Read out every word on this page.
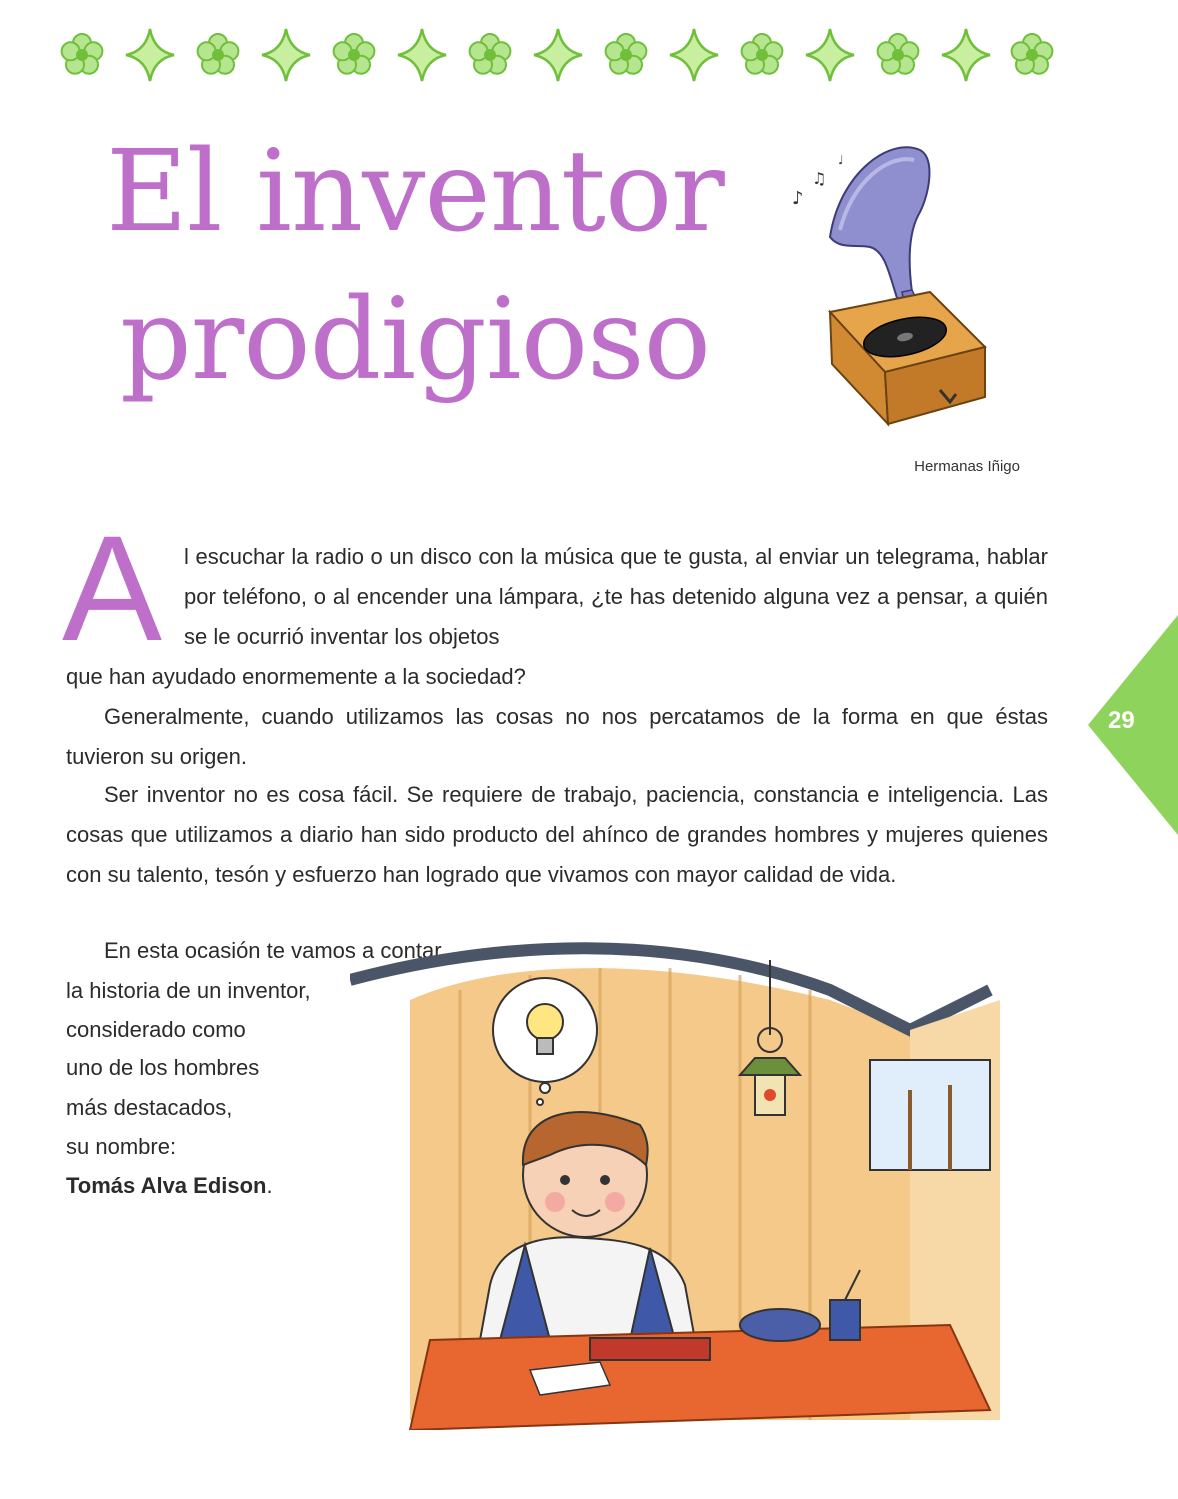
El inventor
prodigioso
♪
♫
♩
Hermanas Iñigo
29
A l escuchar la radio o un disco con la música que te gusta, al enviar un telegrama, hablar por teléfono, o al encender una lámpara, ¿te has detenido alguna vez a pensar, a quién se le ocurrió inventar los objetos

que han ayudado enormemente a la sociedad?

Generalmente, cuando utilizamos las cosas no nos percatamos de la forma en que éstas tuvieron su origen.

Ser inventor no es cosa fácil. Se requiere de trabajo, paciencia, constancia e inteligencia. Las cosas que utilizamos a diario han sido producto del ahínco de grandes hombres y mujeres quienes con su talento, tesón y esfuerzo han logrado que vivamos con mayor calidad de vida.

En esta ocasión te vamos a contar

la historia de un inventor,

considerado como

uno de los hombres

más destacados,

su nombre:

Tomás Alva Edison.
